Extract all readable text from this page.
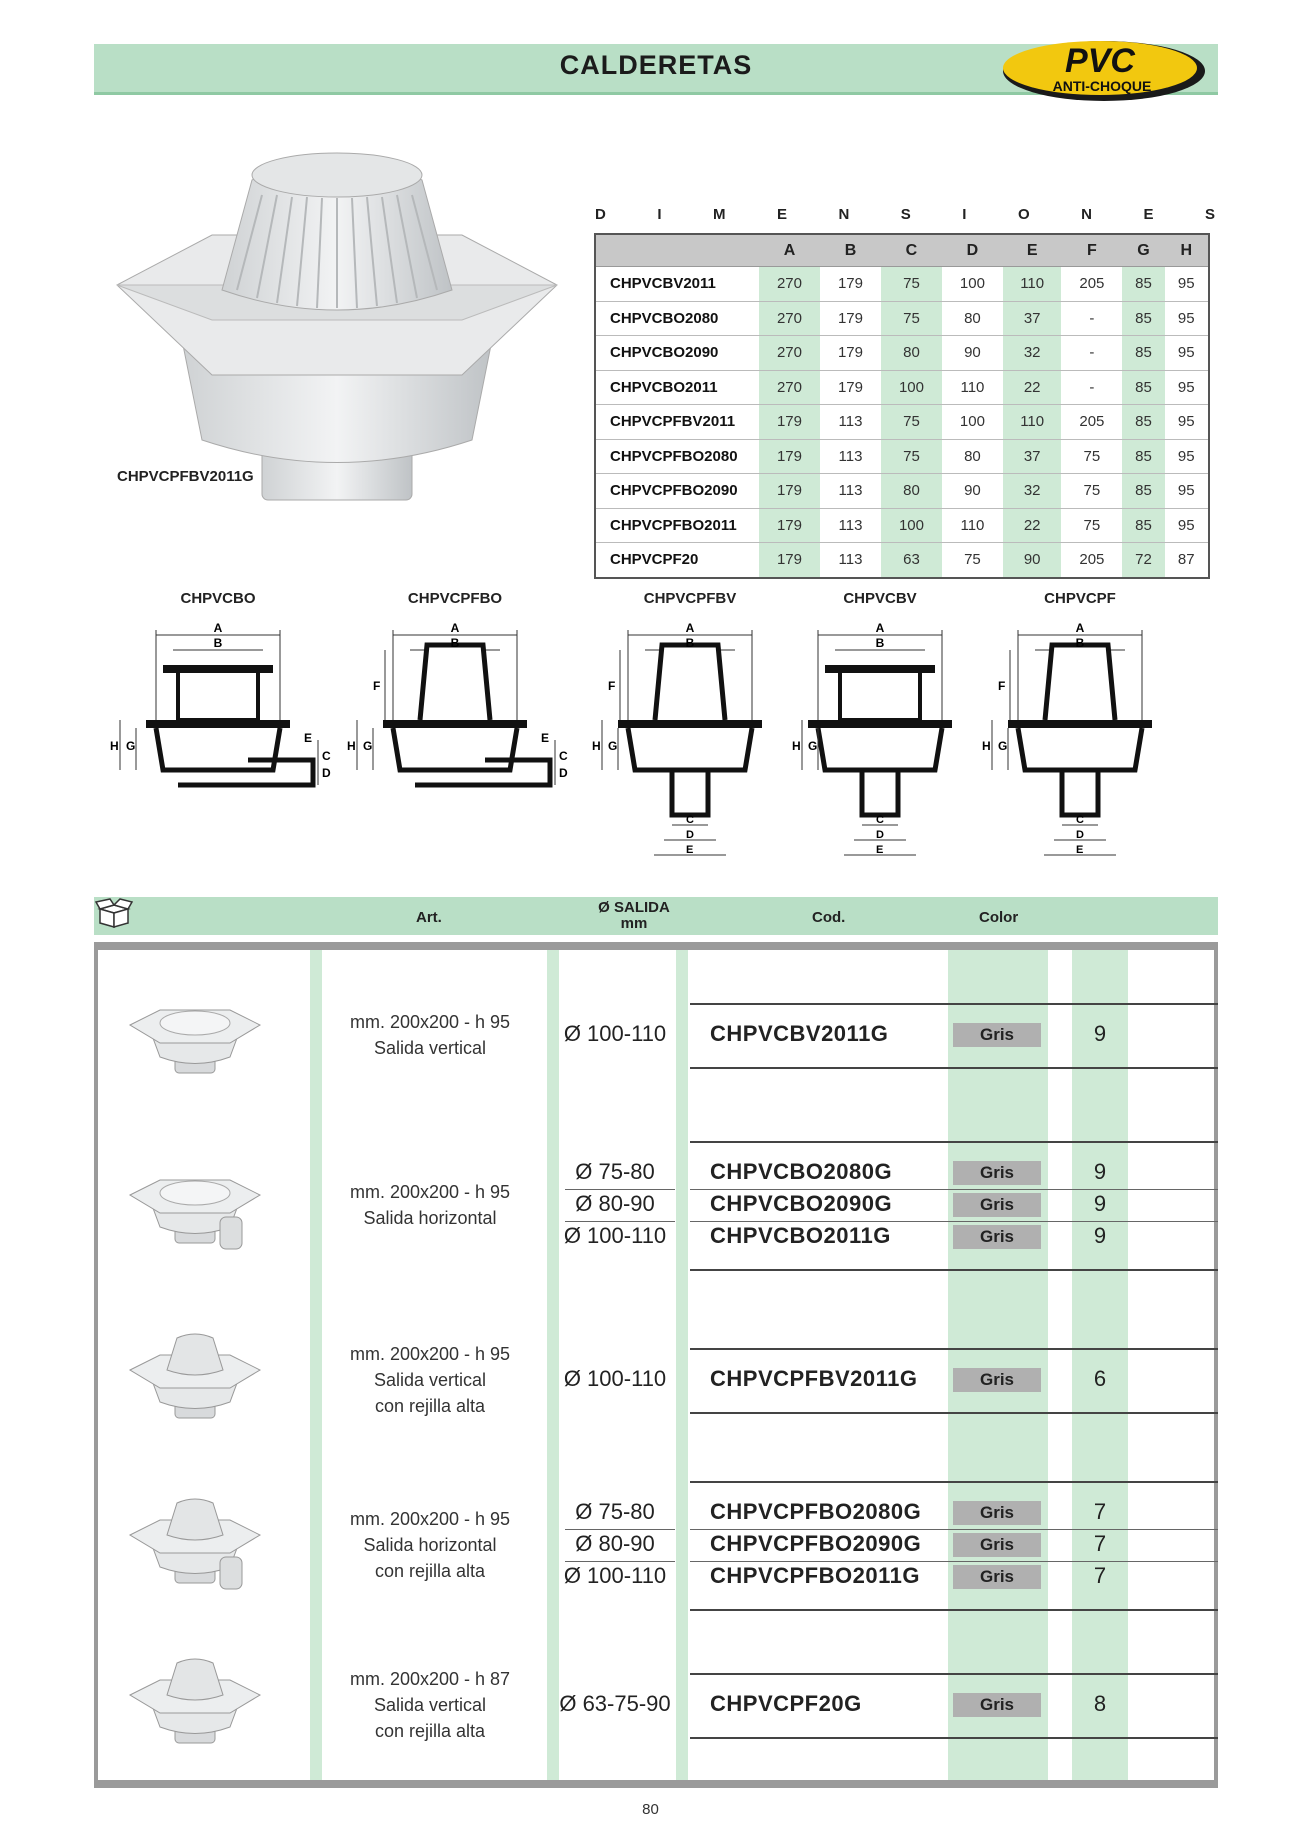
CALDERETAS	PVC
ANTI-CHOQUE
CHPVCPFBV2011G
D	I	M	E	N	S	I	O	N	E	S
	A	B	C	D	E	F	G	H
CHPVCBV2011	270	179	75	100	110	205	85	95
CHPVCBO2080	270	179	75	80	37	-	85	95
CHPVCBO2090	270	179	80	90	32	-	85	95
CHPVCBO2011	270	179	100	110	22	-	85	95
CHPVCPFBV2011	179	113	75	100	110	205	85	95
CHPVCPFBO2080	179	113	75	80	37	75	85	95
CHPVCPFBO2090	179	113	80	90	32	75	85	95
CHPVCPFBO2011	179	113	100	110	22	75	85	95
CHPVCPF20	179	113	63	75	90	205	72	87
CHPVCBO
A
B
H G
C
D
E
CHPVCPFBO
A
B
H G
F
C
D
E
CHPVCPFBV
A
B
H G
F
C
D
E
CHPVCBV
A
B
H G
C
D
E
CHPVCPF
A
B
H G
F
C
D
E
Art.
Ø SALIDA
mm	Cod.	Color
mm. 200x200 - h 95
Salida vertical
Ø 100-110	CHPVCBV2011G	Gris	9
mm. 200x200 - h 95
Salida horizontal
Ø 75-80	CHPVCBO2080G	Gris	9
Ø 80-90	CHPVCBO2090G	Gris	9
Ø 100-110	CHPVCBO2011G	Gris	9
mm. 200x200 - h 95
Salida vertical
con rejilla alta
Ø 100-110	CHPVCPFBV2011G	Gris	6
mm. 200x200 - h 95
Salida horizontal
con rejilla alta
Ø 75-80	CHPVCPFBO2080G	Gris	7
Ø 80-90	CHPVCPFBO2090G	Gris	7
Ø 100-110	CHPVCPFBO2011G	Gris	7
mm. 200x200 - h 87
Salida vertical
con rejilla alta
Ø 63-75-90 CHPVCPF20G	Gris	8
80
